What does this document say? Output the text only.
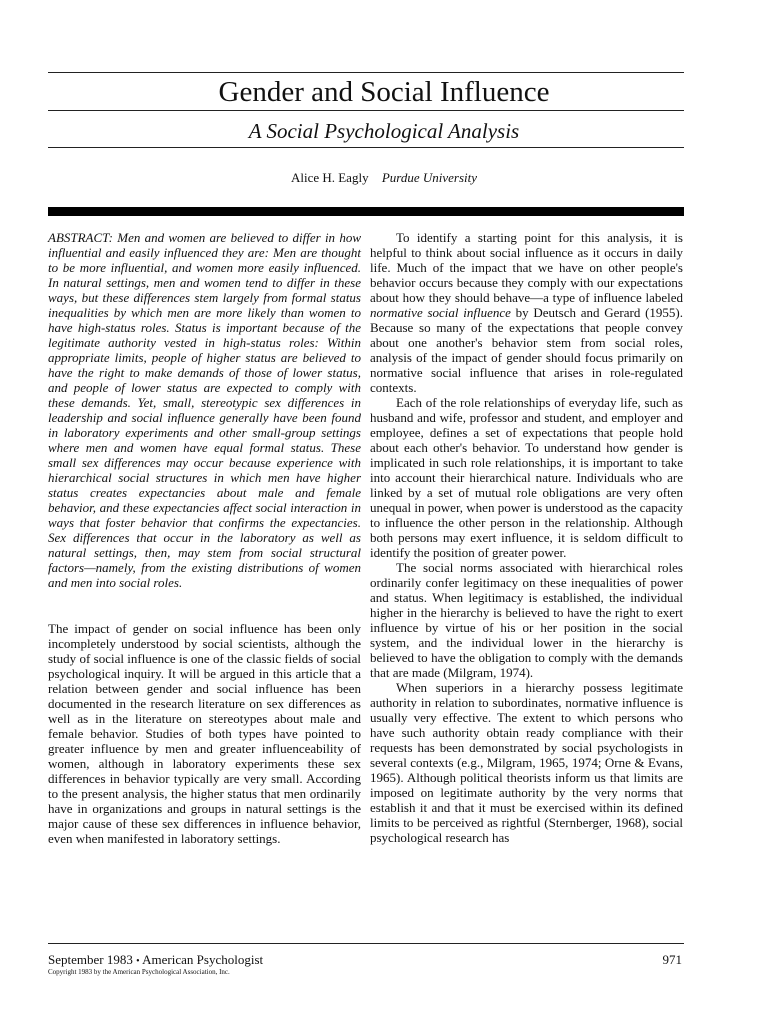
Gender and Social Influence
A Social Psychological Analysis
Alice H. Eagly Purdue University

ABSTRACT: Men and women are believed to differ in how influential and easily influenced they are: Men are thought to be more influential, and women more easily influenced. In natural settings, men and women tend to differ in these ways, but these differences stem largely from formal status inequalities by which men are more likely than women to have high-status roles. Status is important because of the legitimate authority vested in high-status roles: Within appropriate limits, people of higher status are believed to have the right to make demands of those of lower status, and people of lower status are expected to comply with these demands. Yet, small, stereotypic sex differences in leadership and social influence generally have been found in laboratory experiments and other small-group settings where men and women have equal formal status. These small sex differences may occur because experience with hierarchical social structures in which men have higher status creates expectancies about male and female behavior, and these expectancies affect social interaction in ways that foster behavior that confirms the expectancies. Sex differences that occur in the laboratory as well as natural settings, then, may stem from social structural factors—namely, from the existing distributions of women and men into social roles.

The impact of gender on social influence has been only incompletely understood by social scientists, although the study of social influence is one of the classic fields of social psychological inquiry. It will be argued in this article that a relation between gender and social influence has been documented in the research literature on sex differences as well as in the literature on stereotypes about male and female behavior. Studies of both types have pointed to greater influence by men and greater influenceability of women, although in laboratory experiments these sex differences in behavior typically are very small. According to the present analysis, the higher status that men ordinarily have in organizations and groups in natural settings is the major cause of these sex differences in influence behavior, even when manifested in laboratory settings.

To identify a starting point for this analysis, it is helpful to think about social influence as it occurs in daily life. Much of the impact that we have on other people's behavior occurs because they comply with our expectations about how they should behave—a type of influence labeled normative social influence by Deutsch and Gerard (1955). Because so many of the expectations that people convey about one another's behavior stem from social roles, analysis of the impact of gender should focus primarily on normative social influence that arises in role-regulated contexts.

Each of the role relationships of everyday life, such as husband and wife, professor and student, and employer and employee, defines a set of expectations that people hold about each other's behavior. To understand how gender is implicated in such role relationships, it is important to take into account their hierarchical nature. Individuals who are linked by a set of mutual role obligations are very often unequal in power, when power is understood as the capacity to influence the other person in the relationship. Although both persons may exert influence, it is seldom difficult to identify the position of greater power.

The social norms associated with hierarchical roles ordinarily confer legitimacy on these inequalities of power and status. When legitimacy is established, the individual higher in the hierarchy is believed to have the right to exert influence by virtue of his or her position in the social system, and the individual lower in the hierarchy is believed to have the obligation to comply with the demands that are made (Milgram, 1974).

When superiors in a hierarchy possess legitimate authority in relation to subordinates, normative influence is usually very effective. The extent to which persons who have such authority obtain ready compliance with their requests has been demonstrated by social psychologists in several contexts (e.g., Milgram, 1965, 1974; Orne & Evans, 1965). Although political theorists inform us that limits are imposed on legitimate authority by the very norms that establish it and that it must be exercised within its defined limits to be perceived as rightful (Sternberger, 1968), social psychological research has

September 1983 • American Psychologist
Copyright 1983 by the American Psychological Association, Inc.
971
